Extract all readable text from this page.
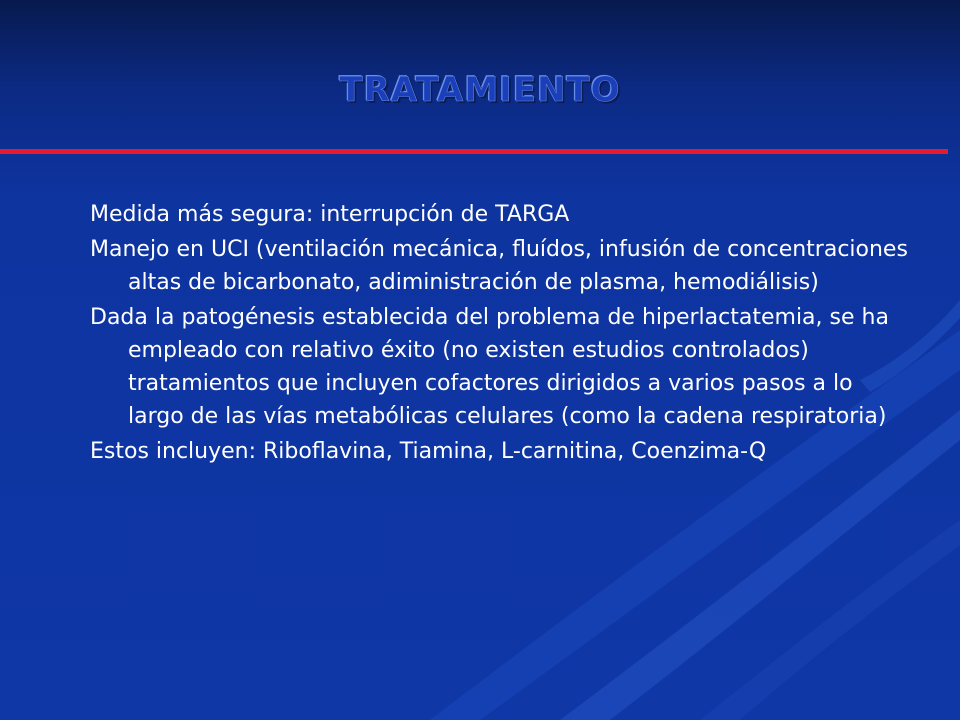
TRATAMIENTO
Medida más segura: interrupción de TARGA
Manejo en UCI (ventilación mecánica, fluídos, infusión de concentraciones altas de bicarbonato, adiministración de plasma, hemodiálisis)
Dada la patogénesis establecida del problema de hiperlactatemia, se ha empleado con relativo éxito (no existen estudios controlados) tratamientos que incluyen cofactores dirigidos a varios pasos a lo largo de las vías metabólicas celulares (como la cadena respiratoria)
Estos incluyen: Riboflavina, Tiamina, L-carnitina, Coenzima-Q
